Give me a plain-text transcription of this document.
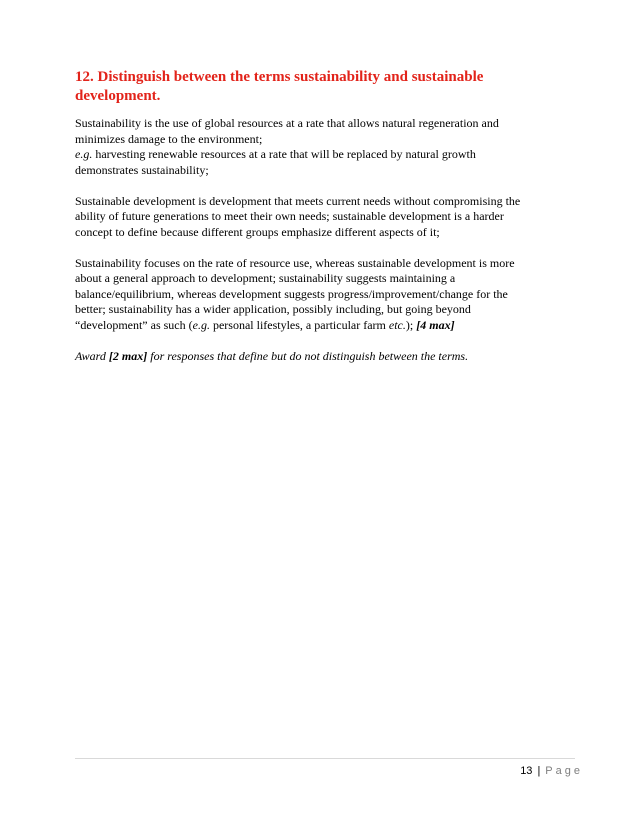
12. Distinguish between the terms sustainability and sustainable
development.
Sustainability is the use of global resources at a rate that allows natural regeneration and
minimizes damage to the environment;
e.g. harvesting renewable resources at a rate that will be replaced by natural growth
demonstrates sustainability;
Sustainable development is development that meets current needs without compromising the
ability of future generations to meet their own needs; sustainable development is a harder
concept to define because different groups emphasize different aspects of it;
Sustainability focuses on the rate of resource use, whereas sustainable development is more
about a general approach to development; sustainability suggests maintaining a
balance/equilibrium, whereas development suggests progress/improvement/change for the
better; sustainability has a wider application, possibly including, but going beyond
“development” as such (e.g. personal lifestyles, a particular farm etc.); [4 max]

Award [2 max] for responses that define but do not distinguish between the terms.

13 | Page
